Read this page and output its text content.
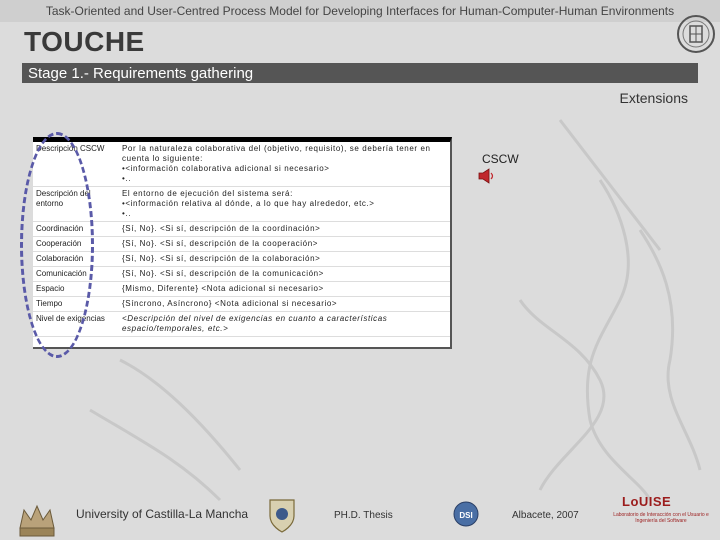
Task-Oriented and User-Centred Process Model for Developing Interfaces for Human-Computer-Human Environments
TOUCHE
Stage 1.- Requirements gathering
Extensions
Descripción CSCW	Por la naturaleza colaborativa del (objetivo, requisito), se debería tener en cuenta lo siguiente:
•<información colaborativa adicional si necesario>
•..

Descripción del entorno	El entorno de ejecución del sistema será:
•<información relativa al dónde, a lo que hay alrededor, etc.>
•..

Coordinación	{Sí, No}. <Si sí, descripción de la coordinación>

Cooperación	{Sí, No}. <Si sí, descripción de la cooperación>

Colaboración	{Sí, No}. <Si sí, descripción de la colaboración>

Comunicación	{Sí, No}. <Si sí, descripción de la comunicación>

Espacio	{Mismo, Diferente} <Nota adicional si necesario>

Tiempo	{Síncrono, Asíncrono} <Nota adicional si necesario>

Nivel de exigencias	<Descripción del nivel de exigencias en cuanto a características espacio/temporales, etc.>
CSCW
University of Castilla-La Mancha	PH.D. Thesis	DSI	Albacete, 2007
LoUISE
Laboratorio de Interacción con el Usuario e Ingeniería del Software
